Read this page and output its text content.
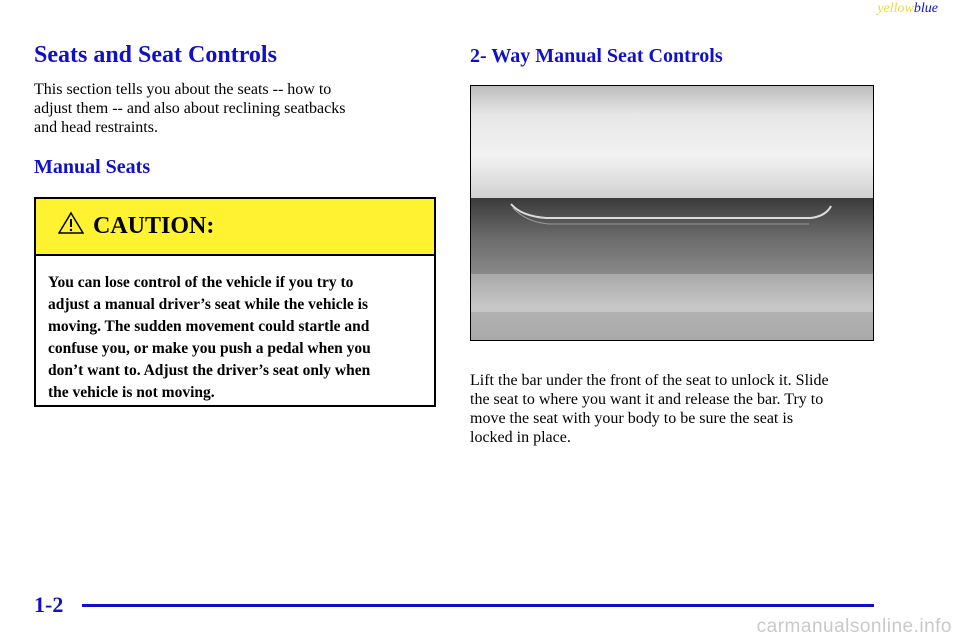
yellowblue
Seats and Seat Controls

This section tells you about the seats -- how to
adjust them -- and also about reclining seatbacks
and head restraints.

Manual Seats
CAUTION:
You can lose control of the vehicle if you try to
adjust a manual driver’s seat while the vehicle is
moving. The sudden movement could startle and
confuse you, or make you push a pedal when you
don’t want to. Adjust the driver’s seat only when
the vehicle is not moving.
2- Way Manual Seat Controls

Lift the bar under the front of the seat to unlock it. Slide
the seat to where you want it and release the bar. Try to
move the seat with your body to be sure the seat is
locked in place.

1-2
carmanualsonline.info
